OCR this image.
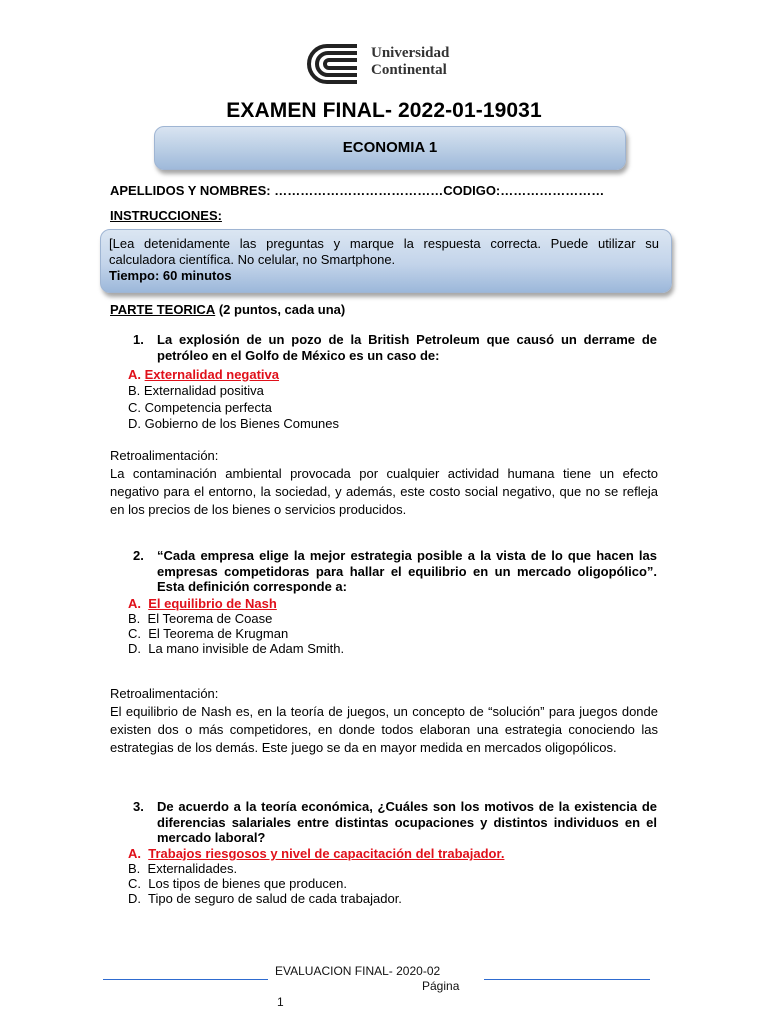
Universidad
Continental
EXAMEN FINAL- 2022-01-19031
ECONOMIA 1
APELLIDOS Y NOMBRES: …………………………………CODIGO:……………………
INSTRUCCIONES:
[Lea detenidamente las preguntas y marque la respuesta correcta. Puede utilizar su calculadora científica. No celular, no Smartphone.
Tiempo: 60 minutos
PARTE TEORICA (2 puntos, cada una)
1. La explosión de un pozo de la British Petroleum que causó un derrame de petróleo en el Golfo de México es un caso de:
A. Externalidad negativa
B. Externalidad positiva
C. Competencia perfecta
D. Gobierno de los Bienes Comunes
Retroalimentación:
La contaminación ambiental provocada por cualquier actividad humana tiene un efecto negativo para el entorno, la sociedad, y además, este costo social negativo, que no se refleja en los precios de los bienes o servicios producidos.
2. “Cada empresa elige la mejor estrategia posible a la vista de lo que hacen las empresas competidoras para hallar el equilibrio en un mercado oligopólico”. Esta definición corresponde a:
A. El equilibrio de Nash
B. El Teorema de Coase
C. El Teorema de Krugman
D. La mano invisible de Adam Smith.
Retroalimentación:
El equilibrio de Nash es, en la teoría de juegos, un concepto de “solución” para juegos donde existen dos o más competidores, en donde todos elaboran una estrategia conociendo las estrategias de los demás. Este juego se da en mayor medida en mercados oligopólicos.
3. De acuerdo a la teoría económica, ¿Cuáles son los motivos de la existencia de diferencias salariales entre distintas ocupaciones y distintos individuos en el mercado laboral?
A. Trabajos riesgosos y nivel de capacitación del trabajador.
B. Externalidades.
C. Los tipos de bienes que producen.
D. Tipo de seguro de salud de cada trabajador.
EVALUACION FINAL- 2020-02
Página
1
